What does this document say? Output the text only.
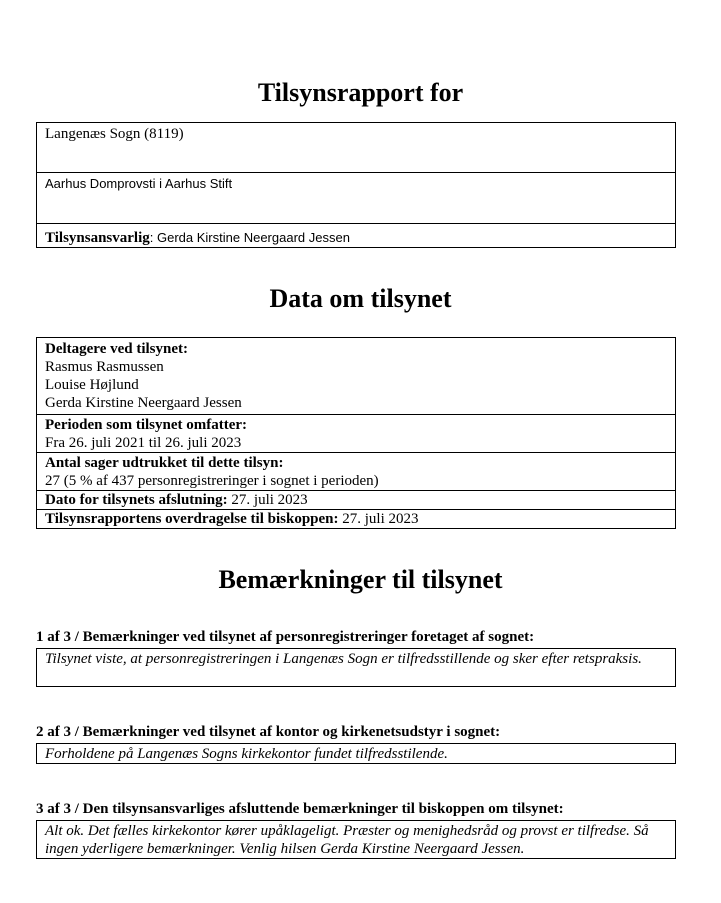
Tilsynsrapport for
Langenæs Sogn (8119)
Aarhus Domprovsti i Aarhus Stift
Tilsynsansvarlig: Gerda Kirstine Neergaard Jessen
Data om tilsynet
Deltagere ved tilsynet:
Rasmus Rasmussen
Louise Højlund
Gerda Kirstine Neergaard Jessen
Perioden som tilsynet omfatter:
Fra 26. juli 2021 til 26. juli 2023
Antal sager udtrukket til dette tilsyn:
27 (5 % af 437 personregistreringer i sognet i perioden)
Dato for tilsynets afslutning: 27. juli 2023
Tilsynsrapportens overdragelse til biskoppen: 27. juli 2023
Bemærkninger til tilsynet
1 af 3 / Bemærkninger ved tilsynet af personregistreringer foretaget af sognet:
Tilsynet viste, at personregistreringen i Langenæs Sogn er tilfredsstillende og sker efter retspraksis.
2 af 3 / Bemærkninger ved tilsynet af kontor og kirkenetsudstyr i sognet:
Forholdene på Langenæs Sogns kirkekontor fundet tilfredsstilende.
3 af 3 / Den tilsynsansvarliges afsluttende bemærkninger til biskoppen om tilsynet:
Alt ok. Det fælles kirkekontor kører upåklageligt. Præster og menighedsråd og provst er tilfredse. Så ingen yderligere bemærkninger. Venlig hilsen Gerda Kirstine Neergaard Jessen.
